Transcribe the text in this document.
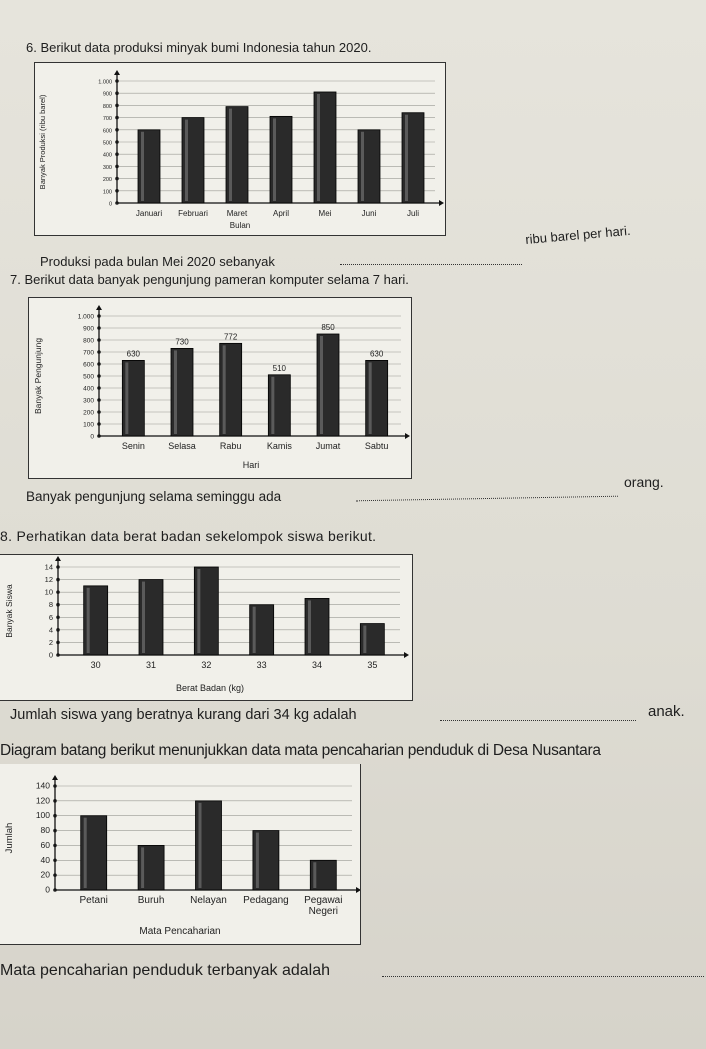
6. Berikut data produksi minyak bumi Indonesia tahun 2020.
0
100
200
300
400
500
600
700
800
900
1.000
Januari Februari Maret	April	Mei	Juni	Juli
Bulan
Banyak Produksi (ribu barel)
Produksi pada bulan Mei 2020 sebanyak
ribu barel per hari.
7. Berikut data banyak pengunjung pameran komputer selama 7 hari.
0
100
200
300
400
500
600
700
800
900
1.000
630
Senin
730
Selasa
772
Rabu
510
Kamis
850
Jumat
630
Sabtu
Hari
Banyak Pengunjung
Banyak pengunjung selama seminggu ada
orang.
8. Perhatikan data berat badan sekelompok siswa berikut.
0
2
4
6
8
10
12
14
30	31	32	33	34	35
Berat Badan (kg)
Banyak Siswa
Jumlah siswa yang beratnya kurang dari 34 kg adalah	anak.
Diagram batang berikut menunjukkan data mata pencaharian penduduk di Desa Nusantara
0
20
40
60
80
100
120
140
Petani	Buruh	Nelayan Pedagang Pegawai
Negeri
Mata Pencaharian
Jumlah
Mata pencaharian penduduk terbanyak adalah
